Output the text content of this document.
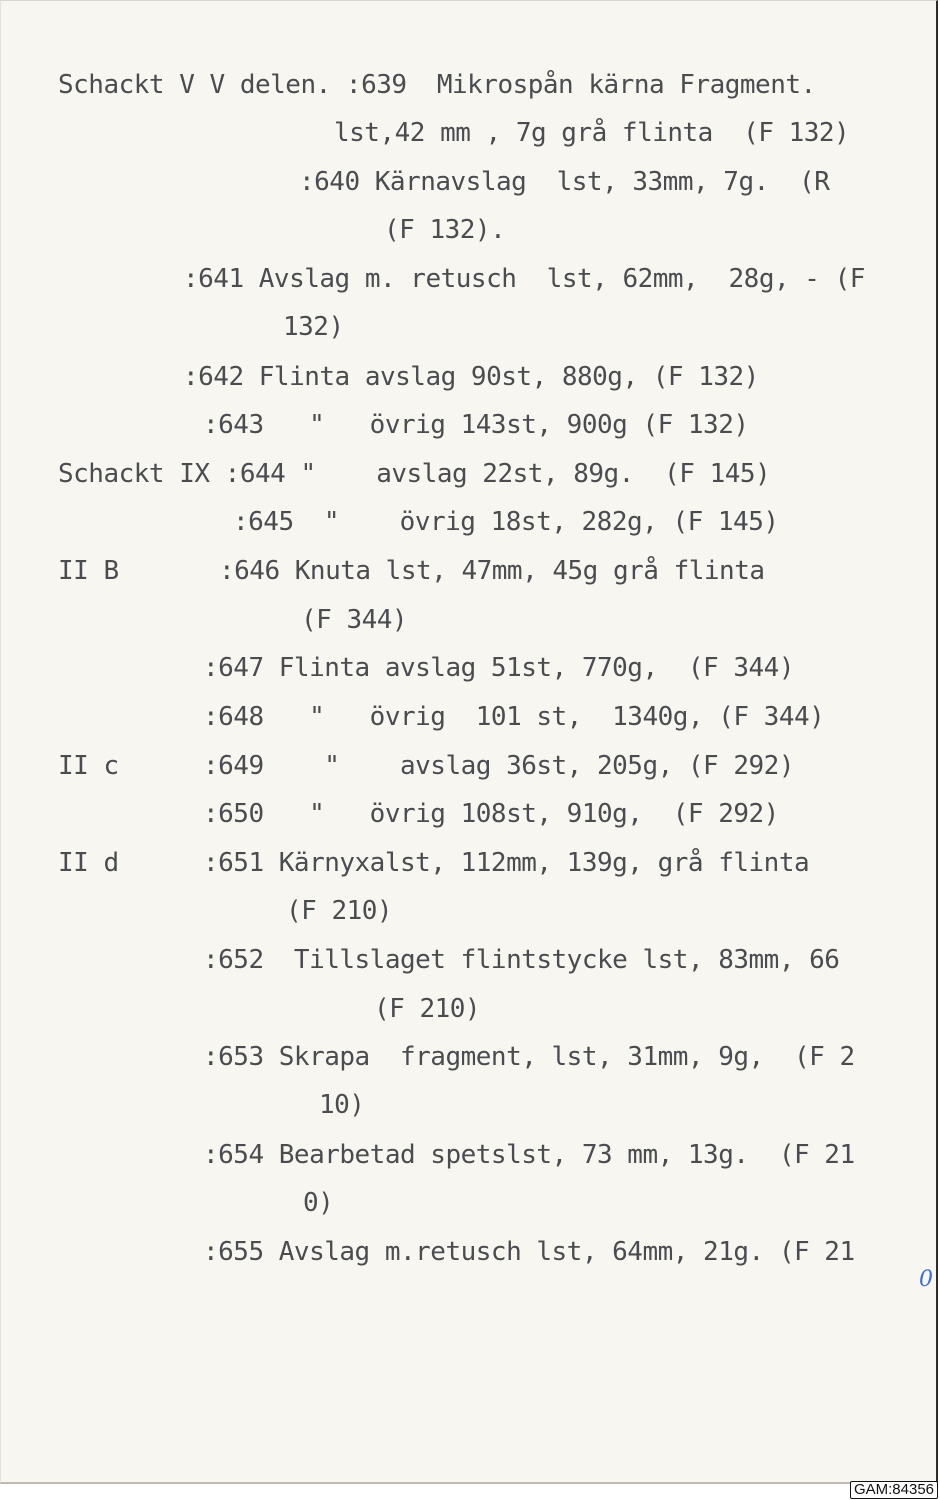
Schackt V V delen. :639  Mikrospån kärna Fragment.
lst,42 mm , 7g grå flinta  (F 132)
:640 Kärnavslag  lst, 33mm, 7g.  (R
(F 132).
:641 Avslag m. retusch  lst, 62mm,  28g, - (F
132)
:642 Flinta avslag 90st, 880g, (F 132)
:643   "   övrig 143st, 900g (F 132)
Schackt IX :644 "    avslag 22st, 89g.  (F 145)
:645  "    övrig 18st, 282g, (F 145)
II B	:646 Knuta lst, 47mm, 45g grå flinta
(F 344)
:647 Flinta avslag 51st, 770g,  (F 344)
:648   "   övrig  101 st,  1340g, (F 344)
II c	:649    "    avslag 36st, 205g, (F 292)
:650   "   övrig 108st, 910g,  (F 292)
II d	:651 Kärnyxalst, 112mm, 139g, grå flinta
(F 210)
:652  Tillslaget flintstycke lst, 83mm, 66
(F 210)
:653 Skrapa  fragment, lst, 31mm, 9g,  (F 2
10)
:654 Bearbetad spetslst, 73 mm, 13g.  (F 21
0)
:655 Avslag m.retusch lst, 64mm, 21g. (F 21
0
GAM:84356
